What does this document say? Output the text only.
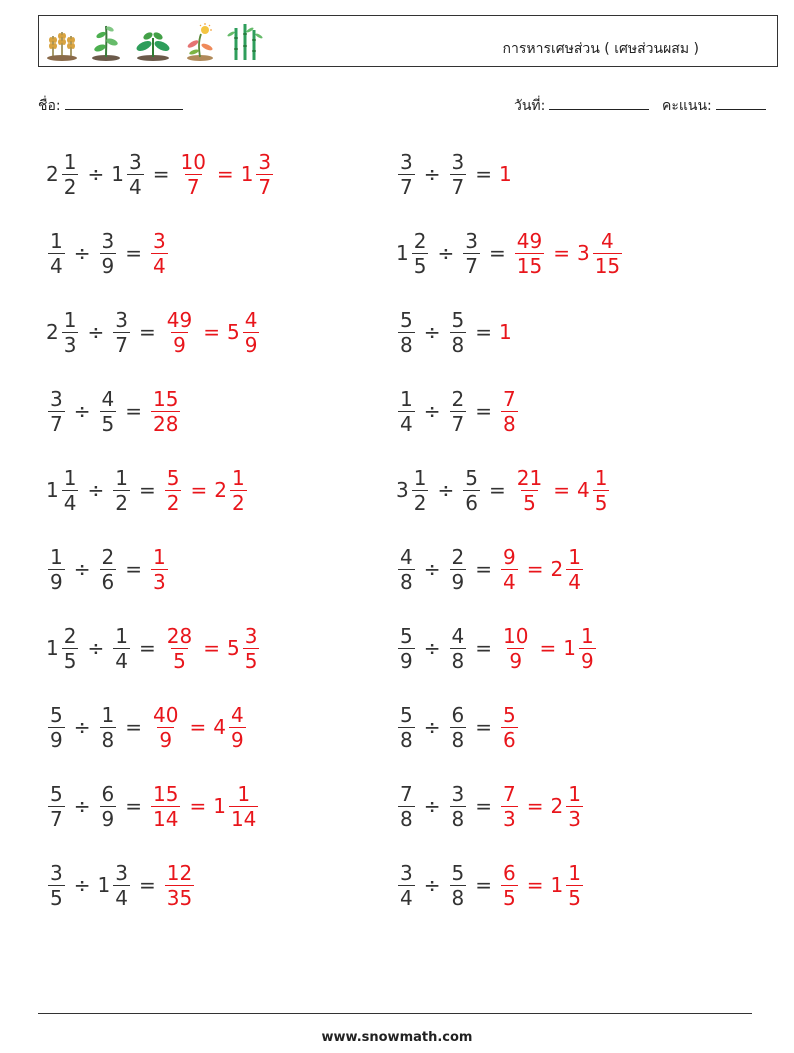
การหารเศษส่วน ( เศษส่วนผสม )
ชื่อ:	วันที่:	คะแนน:
$2 \frac{1}{2} \div 1 \frac{3}{4} = \frac{10}{7} = 1 \frac{3}{7}$	$\frac{3}{7} \div \frac{3}{7} = 1$
$\frac{1}{4} \div \frac{3}{9} = \frac{3}{4}$	$1 \frac{2}{5} \div \frac{3}{7} = \frac{49}{15} = 3 \frac{4}{15}$
$2 \frac{1}{3} \div \frac{3}{7} = \frac{49}{9} = 5 \frac{4}{9}$	$\frac{5}{8} \div \frac{5}{8} = 1$
$\frac{3}{7} \div \frac{4}{5} = \frac{15}{28}$	$\frac{1}{4} \div \frac{2}{7} = \frac{7}{8}$
$1 \frac{1}{4} \div \frac{1}{2} = \frac{5}{2} = 2 \frac{1}{2}$	$3 \frac{1}{2} \div \frac{5}{6} = \frac{21}{5} = 4 \frac{1}{5}$
$\frac{1}{9} \div \frac{2}{6} = \frac{1}{3}$	$\frac{4}{8} \div \frac{2}{9} = \frac{9}{4} = 2 \frac{1}{4}$
$1 \frac{2}{5} \div \frac{1}{4} = \frac{28}{5} = 5 \frac{3}{5}$	$\frac{5}{9} \div \frac{4}{8} = \frac{10}{9} = 1 \frac{1}{9}$
$\frac{5}{9} \div \frac{1}{8} = \frac{40}{9} = 4 \frac{4}{9}$	$\frac{5}{8} \div \frac{6}{8} = \frac{5}{6}$
$\frac{5}{7} \div \frac{6}{9} = \frac{15}{14} = 1 \frac{1}{14}$	$\frac{7}{8} \div \frac{3}{8} = \frac{7}{3} = 2 \frac{1}{3}$
$\frac{3}{5} \div 1 \frac{3}{4} = \frac{12}{35}$	$\frac{3}{4} \div \frac{5}{8} = \frac{6}{5} = 1 \frac{1}{5}$
www.snowmath.com
